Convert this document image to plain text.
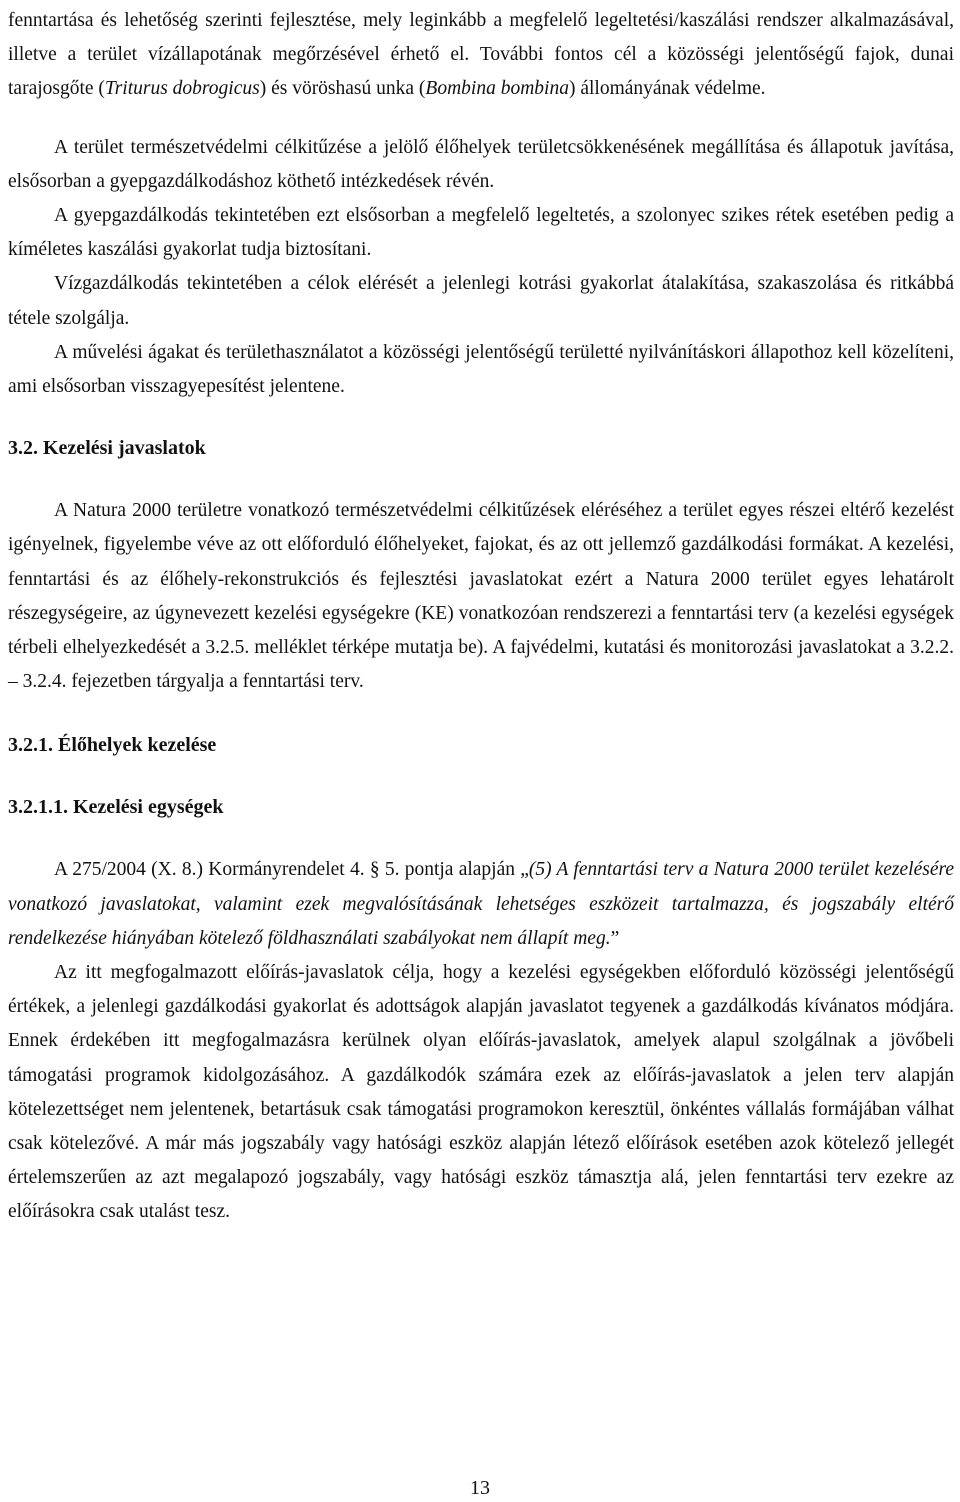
fenntartása és lehetőség szerinti fejlesztése, mely leginkább a megfelelő legeltetési/kaszálási rendszer alkalmazásával, illetve a terület vízállapotának megőrzésével érhető el. További fontos cél a közösségi jelentőségű fajok, dunai tarajosgőte (Triturus dobrogicus) és vöröshasú unka (Bombina bombina) állományának védelme.

A terület természetvédelmi célkitűzése a jelölő élőhelyek területcsökkenésének megállítása és állapotuk javítása, elsősorban a gyepgazdálkodáshoz köthető intézkedések révén.

A gyepgazdálkodás tekintetében ezt elsősorban a megfelelő legeltetés, a szolonyec szikes rétek esetében pedig a kíméletes kaszálási gyakorlat tudja biztosítani.

Vízgazdálkodás tekintetében a célok elérését a jelenlegi kotrási gyakorlat átalakítása, szakaszolása és ritkábbá tétele szolgálja.

A művelési ágakat és területhasználatot a közösségi jelentőségű területté nyilvánításkori állapothoz kell közelíteni, ami elsősorban visszagyepesítést jelentene.

3.2. Kezelési javaslatok

A Natura 2000 területre vonatkozó természetvédelmi célkitűzések eléréséhez a terület egyes részei eltérő kezelést igényelnek, figyelembe véve az ott előforduló élőhelyeket, fajokat, és az ott jellemző gazdálkodási formákat. A kezelési, fenntartási és az élőhely-rekonstrukciós és fejlesztési javaslatokat ezért a Natura 2000 terület egyes lehatárolt részegységeire, az úgynevezett kezelési egységekre (KE) vonatkozóan rendszerezi a fenntartási terv (a kezelési egységek térbeli elhelyezkedését a 3.2.5. melléklet térképe mutatja be). A fajvédelmi, kutatási és monitorozási javaslatokat a 3.2.2. – 3.2.4. fejezetben tárgyalja a fenntartási terv.

3.2.1. Élőhelyek kezelése
3.2.1.1. Kezelési egységek

A 275/2004 (X. 8.) Kormányrendelet 4. § 5. pontja alapján „(5) A fenntartási terv a Natura 2000 terület kezelésére vonatkozó javaslatokat, valamint ezek megvalósításának lehetséges eszközeit tartalmazza, és jogszabály eltérő rendelkezése hiányában kötelező földhasználati szabályokat nem állapít meg.”

Az itt megfogalmazott előírás-javaslatok célja, hogy a kezelési egységekben előforduló közösségi jelentőségű értékek, a jelenlegi gazdálkodási gyakorlat és adottságok alapján javaslatot tegyenek a gazdálkodás kívánatos módjára. Ennek érdekében itt megfogalmazásra kerülnek olyan előírás-javaslatok, amelyek alapul szolgálnak a jövőbeli támogatási programok kidolgozásához. A gazdálkodók számára ezek az előírás-javaslatok a jelen terv alapján kötelezettséget nem jelentenek, betartásuk csak támogatási programokon keresztül, önkéntes vállalás formájában válhat csak kötelezővé. A már más jogszabály vagy hatósági eszköz alapján létező előírások esetében azok kötelező jellegét értelemszerűen az azt megalapozó jogszabály, vagy hatósági eszköz támasztja alá, jelen fenntartási terv ezekre az előírásokra csak utalást tesz.

13
